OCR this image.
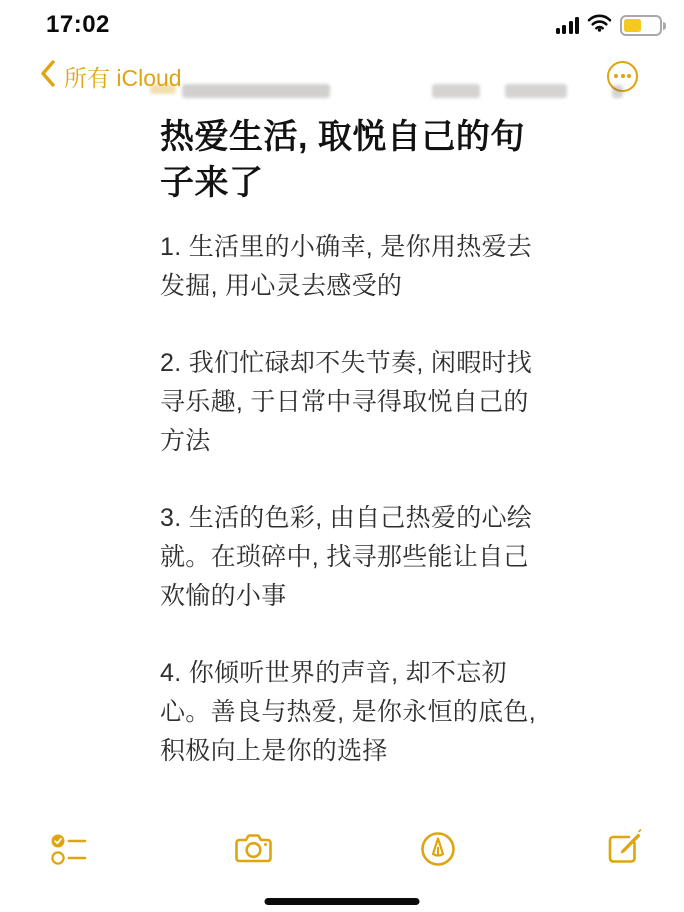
17:02
所有 iCloud
热爱生活, 取悦自己的句子来了

1. 生活里的小确幸, 是你用热爱去发掘, 用心灵去感受的

2. 我们忙碌却不失节奏, 闲暇时找寻乐趣, 于日常中寻得取悦自己的方法

3. 生活的色彩, 由自己热爱的心绘就。在琐碎中, 找寻那些能让自己欢愉的小事

4. 你倾听世界的声音, 却不忘初心。善良与热爱, 是你永恒的底色, 积极向上是你的选择
